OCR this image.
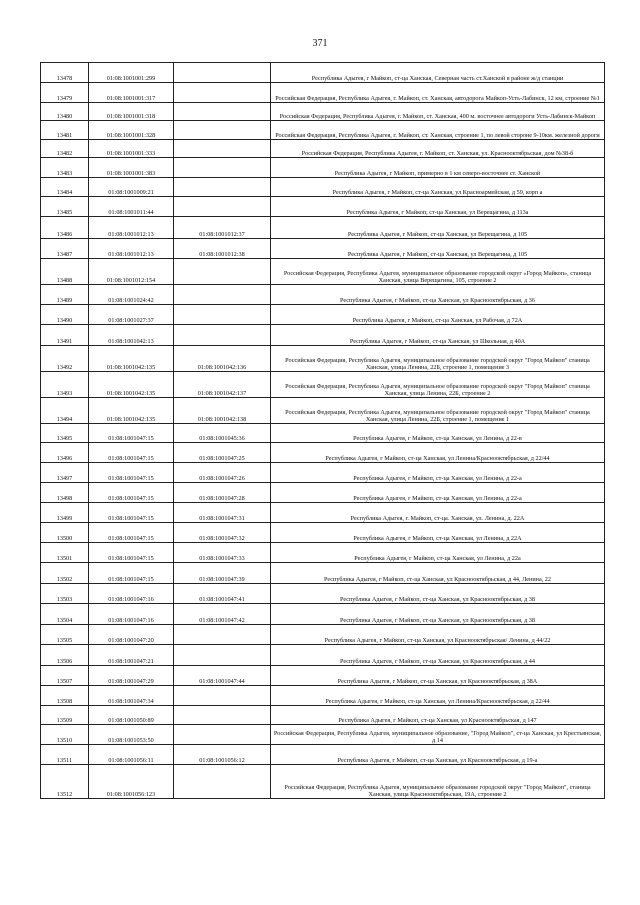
371
13478	01:08:1001001:299		Республика Адыгея, г Майкоп, ст-ца Ханская, Северная часть ст.Ханской в районе ж/д станции
13479	01:08:1001001:317		Российская Федерация, Республика Адыгея, г. Майкоп, ст. Ханская, автодорога Майкоп-Усть-Лабинск, 12 км, строение №1
13480	01:08:1001001:318		Российская Федерация, Республика Адыгея, г. Майкоп, ст. Ханская, 400 м. восточнее автодороги Усть-Лабинск-Майкоп
13481	01:08:1001001:328		Российская Федерация, Республика Адыгея, г. Майкоп, ст. Ханская, строение 1, по левой стороне 9-10км. железной дороги
13482	01:08:1001001:333		Российская Федерация, Республика Адыгея, г. Майкоп, ст. Ханская, ул. Краснооктябрьская, дом №38-б
13483	01:08:1001001:383		Республика Адыгея, г Майкоп, примерно в 1 км северо-восточнее ст. Ханской
13484	01:08:1001009:21		Республика Адыгея, г Майкоп, ст-ца Ханская, ул Красноармейская, д 59, корп а
13485	01:08:1001011:44		Республика Адыгея, г Майкоп, ст-ца Ханская, ул Верещагина, д 113а
13486	01:08:1001012:13	01:08:1001012:37	Республика Адыгея, г Майкоп, ст-ца Ханская, ул Верещагина, д 105
13487	01:08:1001012:13	01:08:1001012:38	Республика Адыгея, г Майкоп, ст-ца Ханская, ул Верещагина, д 105
13488	01:08:1001012:154		Российская Федерация, Республика Адыгея, муниципальное образование городской округ «Город Майкоп», станица Ханская, улица Верещагина, 105, строение 2
13489	01:08:1001024:42		Республика Адыгея, г Майкоп, ст-ца Ханская, ул Краснооктябрьская, д 36
13490	01:08:1001027:37		Республика Адыгея, г Майкоп, ст-ца Ханская, ул Рабочая, д 72А
13491	01:08:1001042:13		Республика Адыгея, г Майкоп, ст-ца Ханская, ул Школьная, д 40А
13492	01:08:1001042:135	01:08:1001042:136	Российская Федерация, Республика Адыгея, муниципальное образование городской округ "Город Майкоп" станица Ханская, улица Ленина, 22Б, строение 1, помещение 3
13493	01:08:1001042:135	01:08:1001042:137	Российская Федерация, Республика Адыгея, муниципальное образование городской округ "Город Майкоп" станица Ханская, улица Ленина, 22Б, строение 2
13494	01:08:1001042:135	01:08:1001042:138	Российская Федерация, Республика Адыгея, муниципальное образование городской округ "Город Майкоп" станица Ханская, улица Ленина, 22Б, строение 1, помещение 1
13495	01:08:1001047:15	01:08:1001045:36	Республика Адыгея, г Майкоп, ст-ца Ханская, ул Ленина, д 22-в
13496	01:08:1001047:15	01:08:1001047:25	Республика Адыгея, г Майкоп, ст-ца Ханская, ул Ленина/Краснооктябрьская, д 22/44
13497	01:08:1001047:15	01:08:1001047:26	Республика Адыгея, г Майкоп, ст-ца Ханская, ул Ленина, д 22-а
13498	01:08:1001047:15	01:08:1001047:28	Республика Адыгея, г Майкоп, ст-ца Ханская, ул Ленина, д 22-а
13499	01:08:1001047:15	01:08:1001047:31	Республика Адыгея, г. Майкоп, ст-ца. Ханская, ул. Ленина, д. 22А
13500	01:08:1001047:15	01:08:1001047:32	Республика Адыгея, г Майкоп, ст-ца Ханская, ул Ленина, д 22А
13501	01:08:1001047:15	01:08:1001047:33	Республика Адыгея, г Майкоп, ст-ца Ханская, ул Ленина, д 22а
13502	01:08:1001047:15	01:08:1001047:39	Республика Адыгея, г Майкоп, ст-ца Ханская, ул Краснооктябрьская, д 44, Ленина, 22
13503	01:08:1001047:16	01:08:1001047:41	Республика Адыгея, г Майкоп, ст-ца Ханская, ул Краснооктябрьская, д 38
13504	01:08:1001047:16	01:08:1001047:42	Республика Адыгея, г Майкоп, ст-ца Ханская, ул Краснооктябрьская, д 38
13505	01:08:1001047:20		Республика Адыгея, г Майкоп, ст-ца Ханская, ул Краснооктябрьская/ Ленина, д 44/22
13506	01:08:1001047:21		Республика Адыгея, г Майкоп, ст-ца Ханская, ул Краснооктябрьская, д 44
13507	01:08:1001047:29	01:08:1001047:44	Республика Адыгея, г Майкоп, ст-ца Ханская, ул Краснооктябрьская, д 38А
13508	01:08:1001047:34		Республика Адыгея, г Майкоп, ст-ца Ханская, ул Ленина/Краснооктябрьская, д 22/44
13509	01:08:1001050:89		Республика Адыгея, г Майкоп, ст-ца Ханская, ул Краснооктябрьская, д 147
13510	01:08:1001053:50		Российская Федерация, Республика Адыгея, муниципальное образование, "Город Майкоп", ст-ца Ханская, ул Крестьянская, д 14
13511	01:08:1001056:11	01:08:1001056:12	Республика Адыгея, г Майкоп, ст-ца Ханская, ул Краснооктябрьская, д 19-а
13512	01:08:1001056:123		Российская Федерация, Республика Адыгея, муниципальное образование городской округ "Город Майкоп", станица Ханская, улица Краснооктябрьская, 19А, строение 2
